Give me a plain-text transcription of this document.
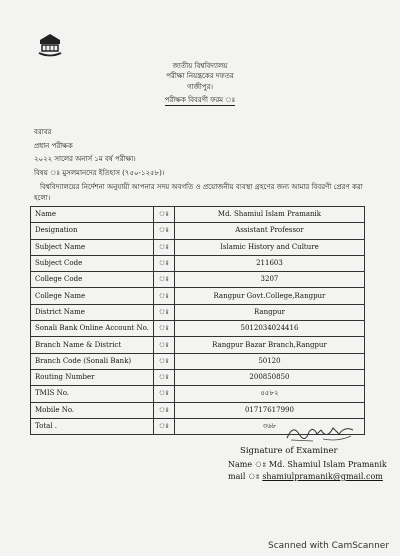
জাতীয় বিশ্ববিদ্যালয়
পরীক্ষা নিয়ন্ত্রকের দফতর
গাজীপুর।
পরীক্ষক বিবরণী ফরম ঃ
বরাবর
প্রধান পরীক্ষক
২০২২ সালের অনার্স ১ম বর্ষ পরীক্ষা।
বিষয় ঃ মুসলমানদের ইতিহাস (৭৫০-১২৫৮)।
বিশ্ববিদ্যালয়ের নির্দেশনা অনুযায়ী আপনার সদয় অবগতি ও প্রয়োজনীয় ব্যবস্থা গ্রহণের জন্য আমার বিবরণী প্রেরণ করা
হলো।
Name	ঃ	Md. Shamiul Islam Pramanik
Designation	ঃ	Assistant Professor
Subject Name	ঃ	Islamic History and Culture
Subject Code	ঃ	211603
College Code	ঃ	3207
College Name	ঃ	Rangpur Govt.College,Rangpur
District Name	ঃ	Rangpur
Sonali Bank Online Account No.	ঃ	5012034024416
Branch Name & District	ঃ	Rangpur Bazar Branch,Rangpur
Branch Code (Sonali Bank)	ঃ	50120
Routing Number	ঃ	200850850
TMIS No.	ঃ	৫৫৮২
Mobile No.	ঃ	01717617990
Total .	ঃ	৩৬৮
Signature of Examiner
Name ঃ Md. Shamiul Islam Pramanik
mail ঃ shamiulpramanik@gmail.com
Scanned with CamScanner
